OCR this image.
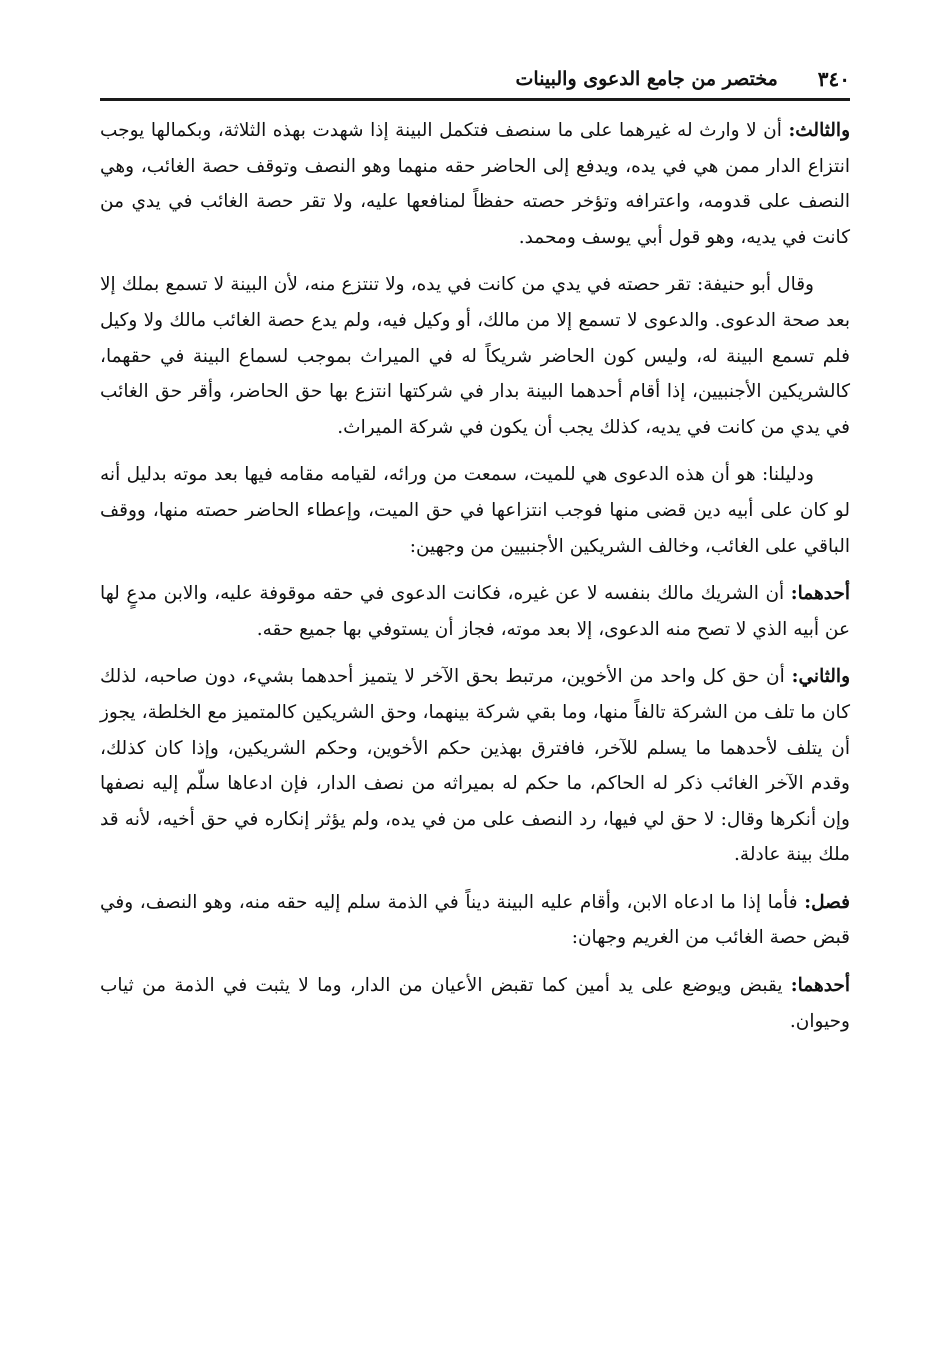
٣٤٠
مختصر من جامع الدعوى والبينات

والثالث: أن لا وارث له غيرهما على ما سنصف فتكمل البينة إذا شهدت بهذه الثلاثة، وبكمالها يوجب انتزاع الدار ممن هي في يده، ويدفع إلى الحاضر حقه منهما وهو النصف وتوقف حصة الغائب، وهي النصف على قدومه، واعترافه وتؤخر حصته حفظاً لمنافعها عليه، ولا تقر حصة الغائب في يدي من كانت في يديه، وهو قول أبي يوسف ومحمد.

وقال أبو حنيفة: تقر حصته في يدي من كانت في يده، ولا تنتزع منه، لأن البينة لا تسمع بملك إلا بعد صحة الدعوى. والدعوى لا تسمع إلا من مالك، أو وكيل فيه، ولم يدع حصة الغائب مالك ولا وكيل فلم تسمع البينة له، وليس كون الحاضر شريكاً له في الميراث بموجب لسماع البينة في حقهما، كالشريكين الأجنبيين، إذا أقام أحدهما البينة بدار في شركتها انتزع بها حق الحاضر، وأقر حق الغائب في يدي من كانت في يديه، كذلك يجب أن يكون في شركة الميراث.

ودليلنا: هو أن هذه الدعوى هي للميت، سمعت من ورائه، لقيامه مقامه فيها بعد موته بدليل أنه لو كان على أبيه دين قضى منها فوجب انتزاعها في حق الميت، وإعطاء الحاضر حصته منها، ووقف الباقي على الغائب، وخالف الشريكين الأجنبيين من وجهين:

أحدهما: أن الشريك مالك بنفسه لا عن غيره، فكانت الدعوى في حقه موقوفة عليه، والابن مدعٍ لها عن أبيه الذي لا تصح منه الدعوى، إلا بعد موته، فجاز أن يستوفي بها جميع حقه.

والثاني: أن حق كل واحد من الأخوين، مرتبط بحق الآخر لا يتميز أحدهما بشيء، دون صاحبه، لذلك كان ما تلف من الشركة تالفاً منها، وما بقي شركة بينهما، وحق الشريكين كالمتميز مع الخلطة، يجوز أن يتلف لأحدهما ما يسلم للآخر، فافترق بهذين حكم الأخوين، وحكم الشريكين، وإذا كان كذلك، وقدم الآخر الغائب ذكر له الحاكم، ما حكم له بميراثه من نصف الدار، فإن ادعاها سلّم إليه نصفها وإن أنكرها وقال: لا حق لي فيها، رد النصف على من في يده، ولم يؤثر إنكاره في حق أخيه، لأنه قد ملك بينة عادلة.

فصل: فأما إذا ما ادعاه الابن، وأقام عليه البينة ديناً في الذمة سلم إليه حقه منه، وهو النصف، وفي قبض حصة الغائب من الغريم وجهان:

أحدهما: يقبض ويوضع على يد أمين كما تقبض الأعيان من الدار، وما لا يثبت في الذمة من ثياب وحيوان.
